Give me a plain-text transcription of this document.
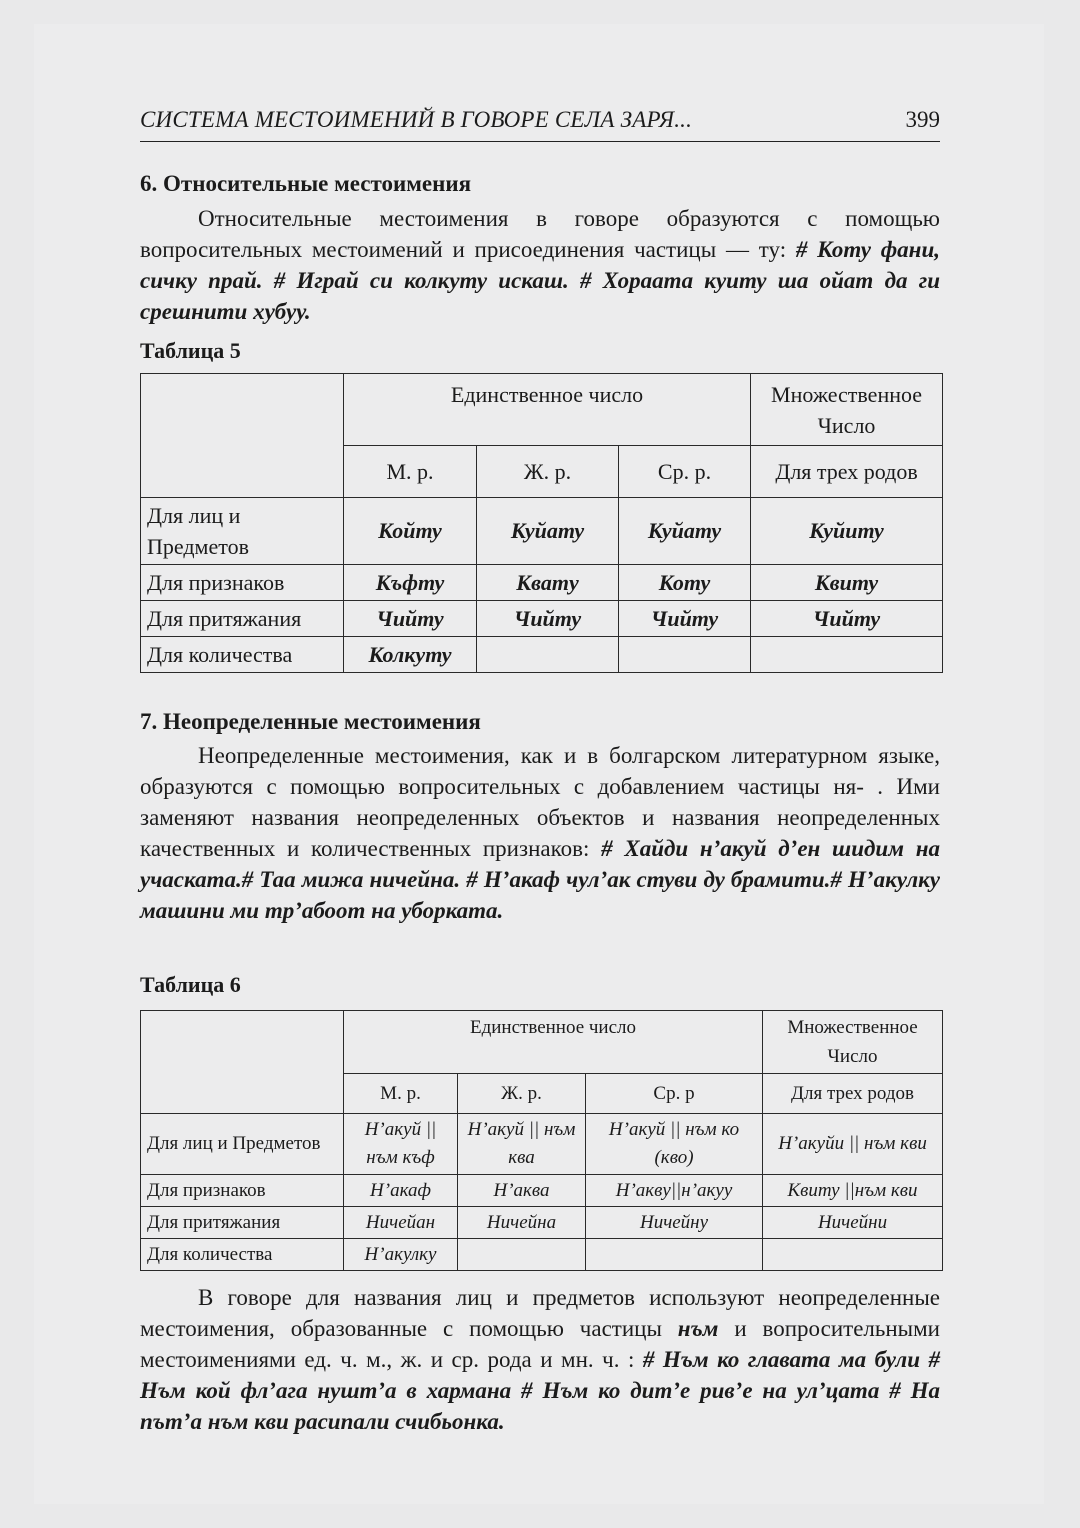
СИСТЕМА МЕСТОИМЕНИЙ В ГОВОРЕ СЕЛА ЗАРЯ...	399
6. Относительные местоимения
Относительные местоимения в говоре образуются с помощью вопросительных местоимений и присоединения частицы — ту: # Коту фани, сичку прай. # Играй си колкуту искаш. # Хораата куиту ша ойат да ги срешнити хубуу.
Таблица 5
	Единственное число			Множественное Число
	М. р.	Ж. р.	Ср. р.	Для трех родов
Для лиц и Предметов	Койту	Куйату	Куйату	Куйиту
Для признаков	Къфту	Кватy	Коту	Квиту
Для притяжания	Чийту	Чийту	Чийту	Чийту
Для количества	Колкуту			
7. Неопределенные местоимения
Неопределенные местоимения, как и в болгарском литературном языке, образуются с помощью вопросительных с добавлением частицы ня- . Ими заменяют названия неопределенных объектов и названия неопределенных качественных и количественных признаков: # Хайди н’акуй д’ен шидим на учаската.# Таа мижа ничейна. # Н’акаф чул’ак стуви ду брамити.# Н’акулку машини ми тр’абоот на уборката.
Таблица 6
	Единственное число			Множественное Число
	М. р.	Ж. р.	Ср. р	Для трех родов
Для лиц и Предметов	Н’акуй || нъм къф	Н’акуй || нъм ква	Н’акуй || нъм ко (кво)	Н’акуйи || нъм кви
Для признаков	Н’акаф	Н’аква	Н’акву||н’акуу	Квиту ||нъм кви
Для притяжания	Ничейан	Ничейна	Ничейну	Ничейни
Для количества	Н’акулку			
В говоре для названия лиц и предметов используют неопределенные местоимения, образованные с помощью частицы нъм и вопросительными местоимениями ед. ч. м., ж. и ср. рода и мн. ч. : # Нъм ко главата ма були # Нъм кой фл’ага нушт’а в хармана # Нъм ко дит’е рив’е на ул’цата # На път’а нъм кви расипали счибьонка.
